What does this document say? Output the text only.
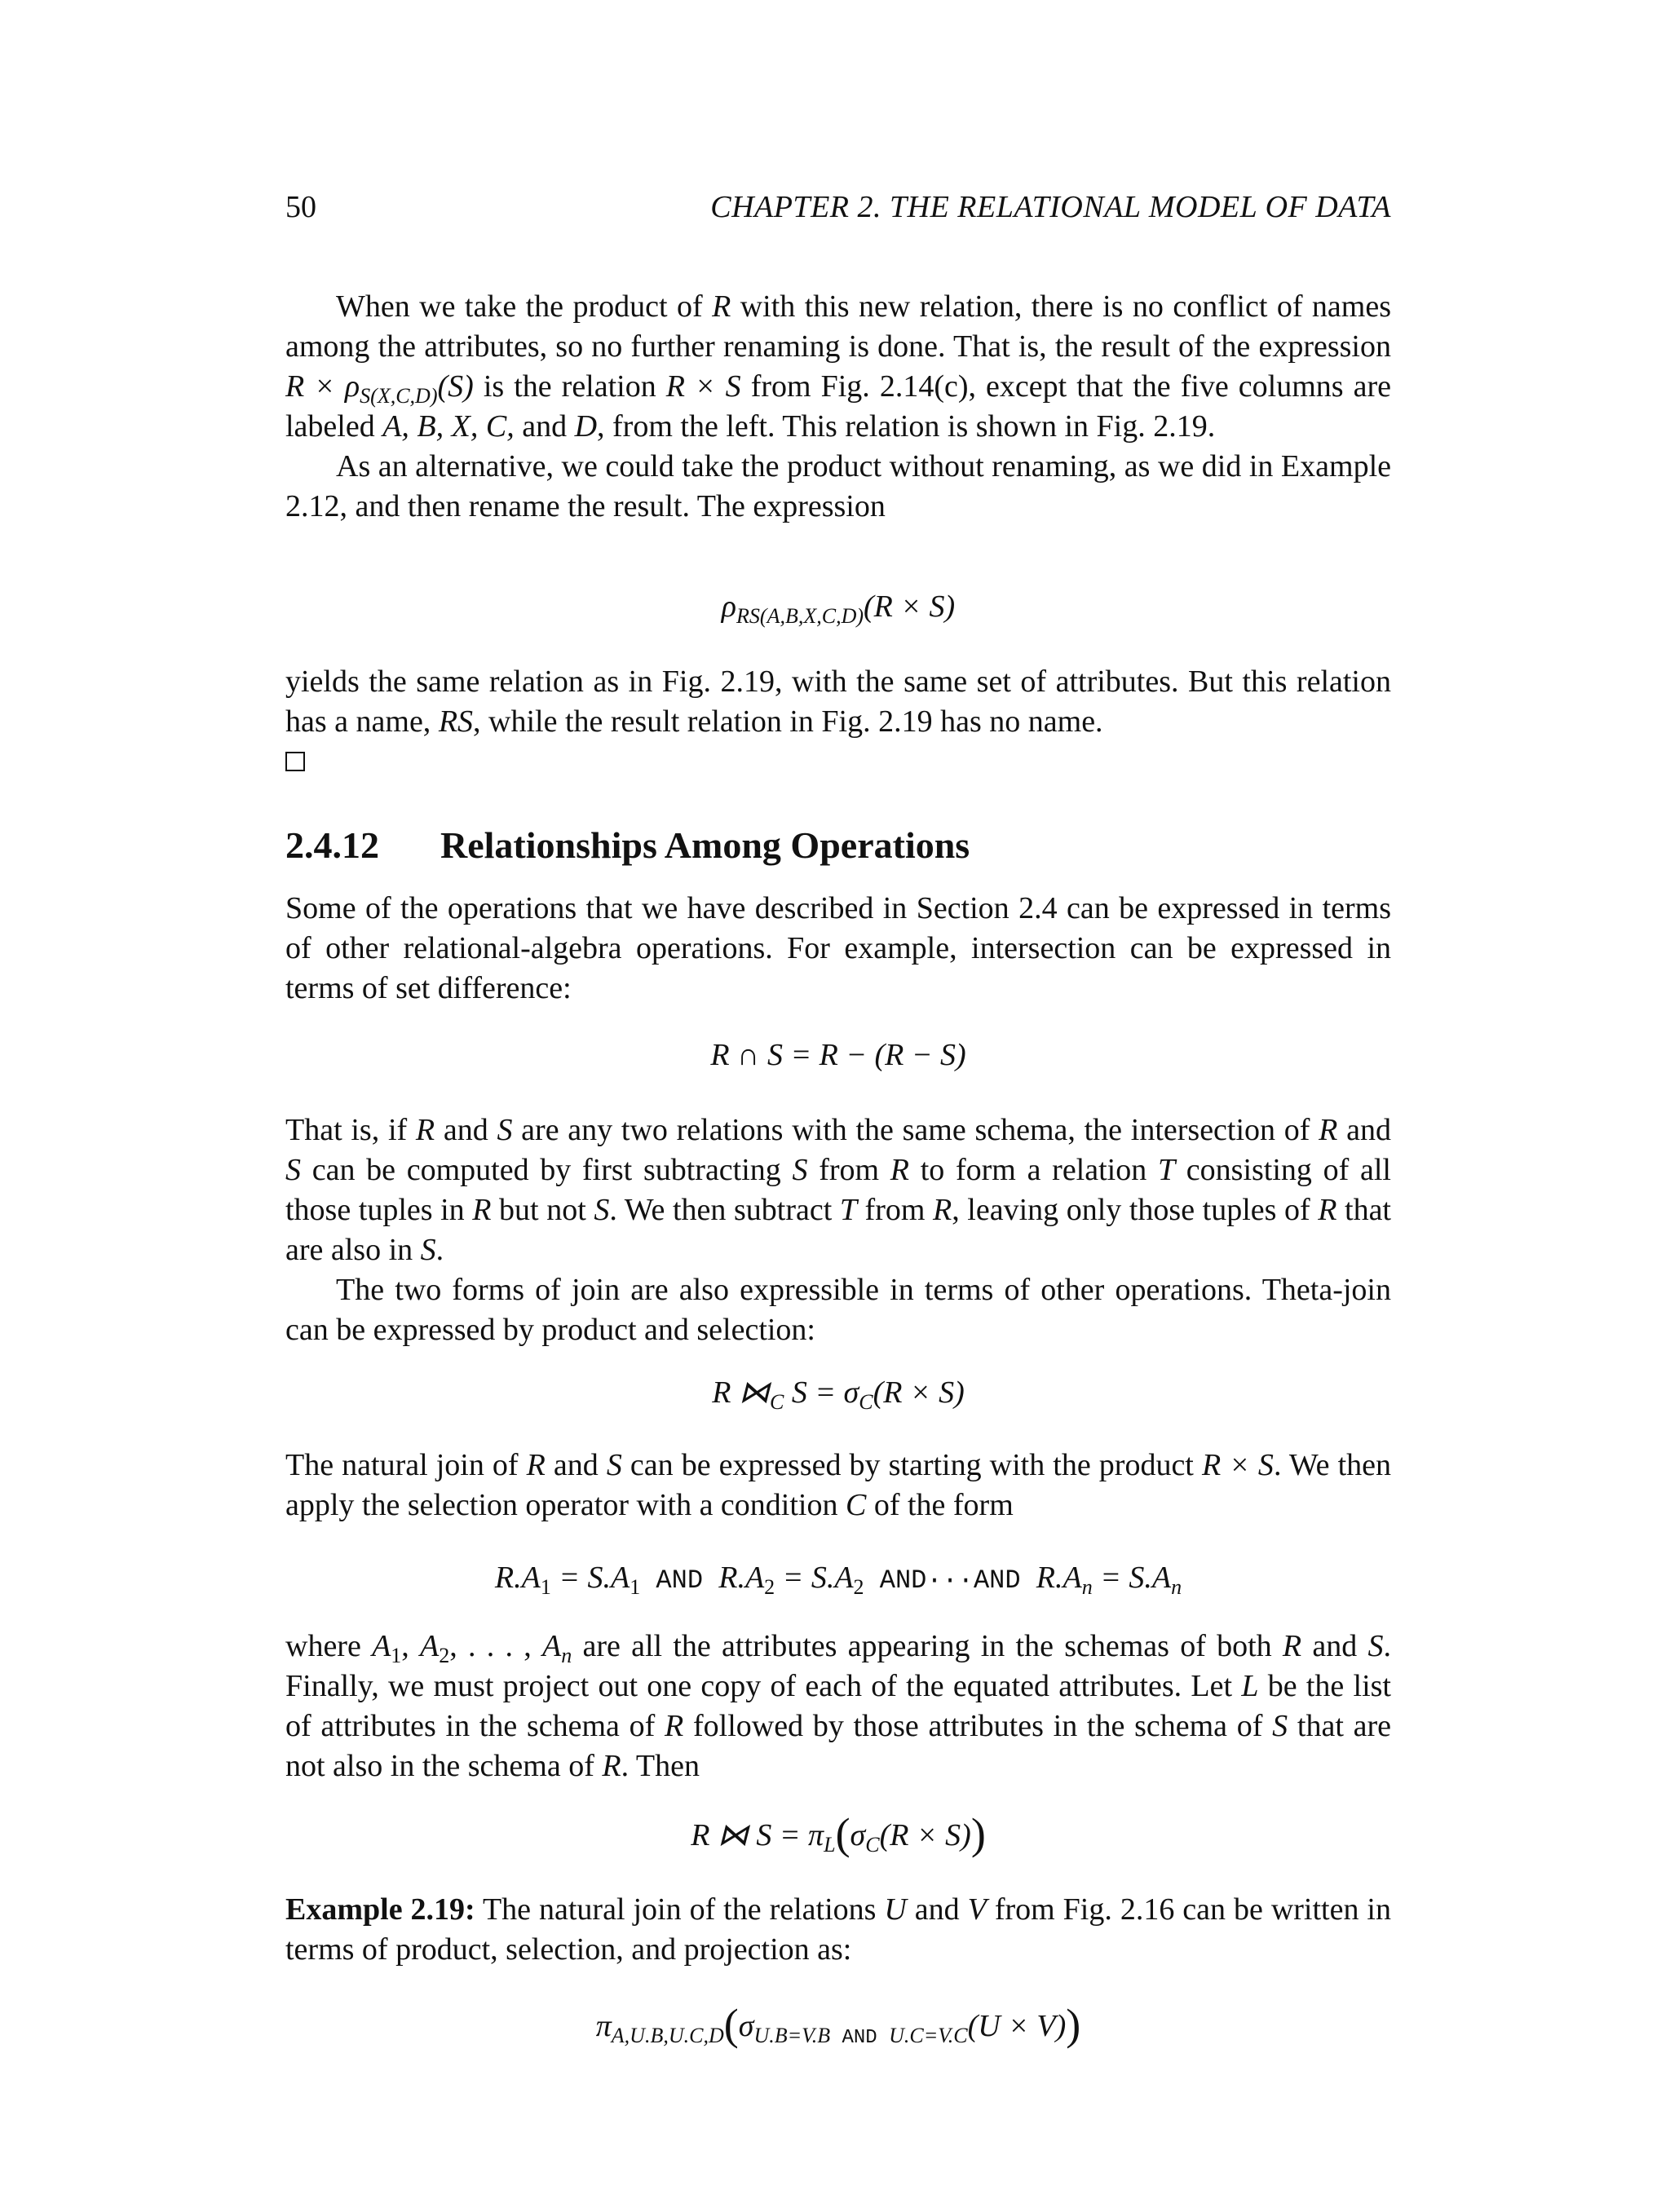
50	CHAPTER 2. THE RELATIONAL MODEL OF DATA

When we take the product of R with this new relation, there is no conflict of names among the attributes, so no further renaming is done. That is, the result of the expression $R \times \rho_{S(X,C,D)}(S)$ is the relation R × S from Fig. 2.14(c), except that the five columns are labeled A, B, X, C, and D, from the left. This relation is shown in Fig. 2.19.

As an alternative, we could take the product without renaming, as we did in Example 2.12, and then rename the result. The expression

$\rho_{RS(A,B,X,C,D)}(R \times S)$

yields the same relation as in Fig. 2.19, with the same set of attributes. But this relation has a name, RS, while the result relation in Fig. 2.19 has no name.

2.4.12 Relationships Among Operations
Some of the operations that we have described in Section 2.4 can be expressed in terms of other relational-algebra operations. For example, intersection can be expressed in terms of set difference:
R ∩ S = R − (R − S)

That is, if R and S are any two relations with the same schema, the intersection of R and S can be computed by first subtracting S from R to form a relation T consisting of all those tuples in R but not S. We then subtract T from R, leaving only those tuples of R that are also in S.

The two forms of join are also expressible in terms of other operations. Theta-join can be expressed by product and selection:

R $⋈_C$ $S = \sigma_C(R \times S)$

The natural join of R and S can be expressed by starting with the product R × S. We then apply the selection operator with a condition C of the form

$R.A_1 = S.A_1$ AND $R.A_2 = S.A_2$ AND···AND $R.A_n = S.A_n$

where $A_1$, $A_2$, . . . , $A_n$ are all the attributes appearing in the schemas of both R and S. Finally, we must project out one copy of each of the equated attributes. Let L be the list of attributes in the schema of R followed by those attributes in the schema of S that are not also in the schema of R. Then

R ⋈ $S = \pi_L(\sigma_C(R \times S))$

Example 2.19: The natural join of the relations U and V from Fig. 2.16 can be written in terms of product, selection, and projection as:

$\pi_{A,U.B,U.C,D}(\sigma_{U.B=V.B}$ $_{AND}$ $_{U.C=V.C}$(U × V))
